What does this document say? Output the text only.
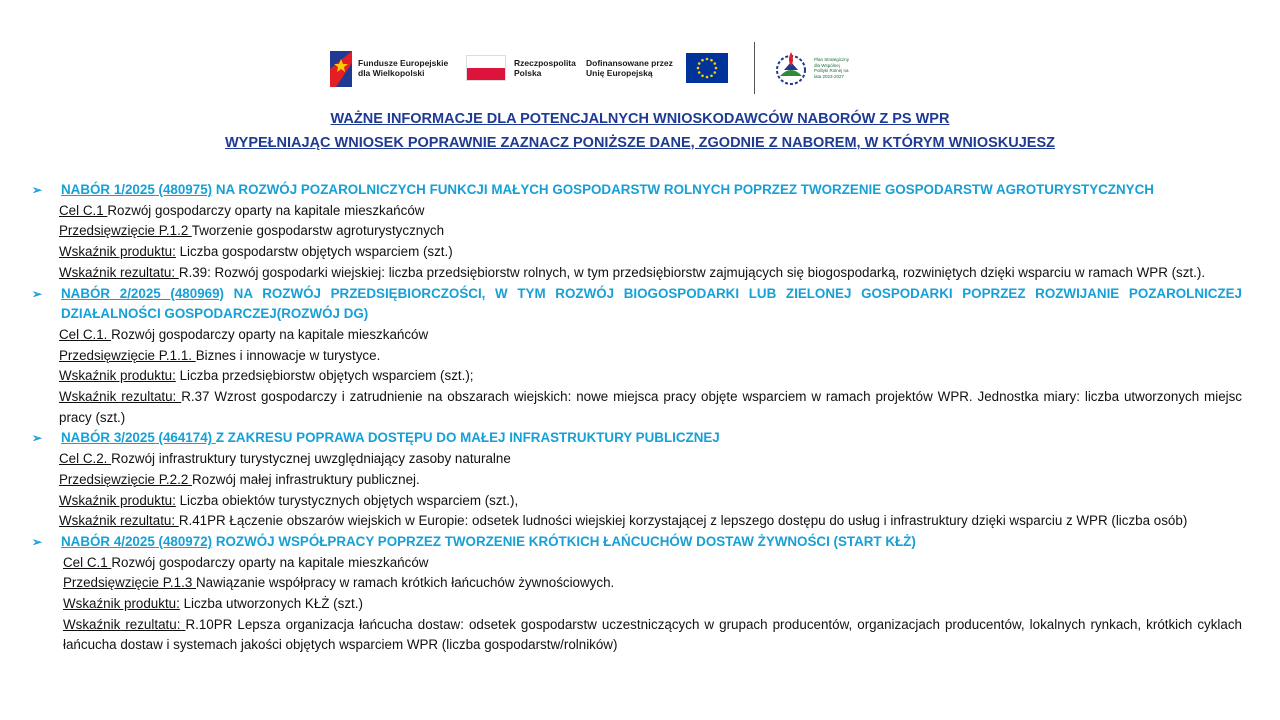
Fundusze Europejskie
dla Wielkopolski
Rzeczpospolita
Polska
Dofinansowane przez
Unię Europejską
Plan Strategiczny dla Wspólnej Polityki Rolnej na lata 2023-2027
WAŻNE INFORMACJE DLA POTENCJALNYCH WNIOSKODAWCÓW NABORÓW Z PS WPR
WYPEŁNIAJĄC WNIOSEK POPRAWNIE ZAZNACZ PONIŻSZE DANE, ZGODNIE Z NABOREM, W KTÓRYM WNIOSKUJESZ
➢ NABÓR 1/2025 (480975) NA ROZWÓJ POZAROLNICZYCH FUNKCJI MAŁYCH GOSPODARSTW ROLNYCH POPRZEZ TWORZENIE GOSPODARSTW AGROTURYSTYCZNYCH
Cel C.1 Rozwój gospodarczy oparty na kapitale mieszkańców
Przedsięwzięcie P.1.2 Tworzenie gospodarstw agroturystycznych
Wskaźnik produktu: Liczba gospodarstw objętych wsparciem (szt.)
Wskaźnik rezultatu: R.39: Rozwój gospodarki wiejskiej: liczba przedsiębiorstw rolnych, w tym przedsiębiorstw zajmujących się biogospodarką, rozwiniętych dzięki wsparciu w ramach WPR (szt.).
➢ NABÓR 2/2025 (480969) NA ROZWÓJ PRZEDSIĘBIORCZOŚCI, W TYM ROZWÓJ BIOGOSPODARKI LUB ZIELONEJ GOSPODARKI POPRZEZ ROZWIJANIE POZAROLNICZEJ DZIAŁALNOŚCI GOSPODARCZEJ(ROZWÓJ DG)
Cel C.1. Rozwój gospodarczy oparty na kapitale mieszkańców
Przedsięwzięcie P.1.1. Biznes i innowacje w turystyce.
Wskaźnik produktu: Liczba przedsiębiorstw objętych wsparciem (szt.);
Wskaźnik rezultatu: R.37 Wzrost gospodarczy i zatrudnienie na obszarach wiejskich: nowe miejsca pracy objęte wsparciem w ramach projektów WPR. Jednostka miary: liczba utworzonych miejsc pracy (szt.)
➢ NABÓR 3/2025 (464174) Z ZAKRESU POPRAWA DOSTĘPU DO MAŁEJ INFRASTRUKTURY PUBLICZNEJ
Cel C.2. Rozwój infrastruktury turystycznej uwzględniający zasoby naturalne
Przedsięwzięcie P.2.2 Rozwój małej infrastruktury publicznej.
Wskaźnik produktu: Liczba obiektów turystycznych objętych wsparciem (szt.),
Wskaźnik rezultatu: R.41PR Łączenie obszarów wiejskich w Europie: odsetek ludności wiejskiej korzystającej z lepszego dostępu do usług i infrastruktury dzięki wsparciu z WPR (liczba osób)
➢ NABÓR 4/2025 (480972) ROZWÓJ WSPÓŁPRACY POPRZEZ TWORZENIE KRÓTKICH ŁAŃCUCHÓW DOSTAW ŻYWNOŚCI (START KŁŻ)
Cel C.1 Rozwój gospodarczy oparty na kapitale mieszkańców
Przedsięwzięcie P.1.3 Nawiązanie współpracy w ramach krótkich łańcuchów żywnościowych.
Wskaźnik produktu: Liczba utworzonych KŁŻ (szt.)
Wskaźnik rezultatu: R.10PR Lepsza organizacja łańcucha dostaw: odsetek gospodarstw uczestniczących w grupach producentów, organizacjach producentów, lokalnych rynkach, krótkich cyklach łańcucha dostaw i systemach jakości objętych wsparciem WPR (liczba gospodarstw/rolników)
